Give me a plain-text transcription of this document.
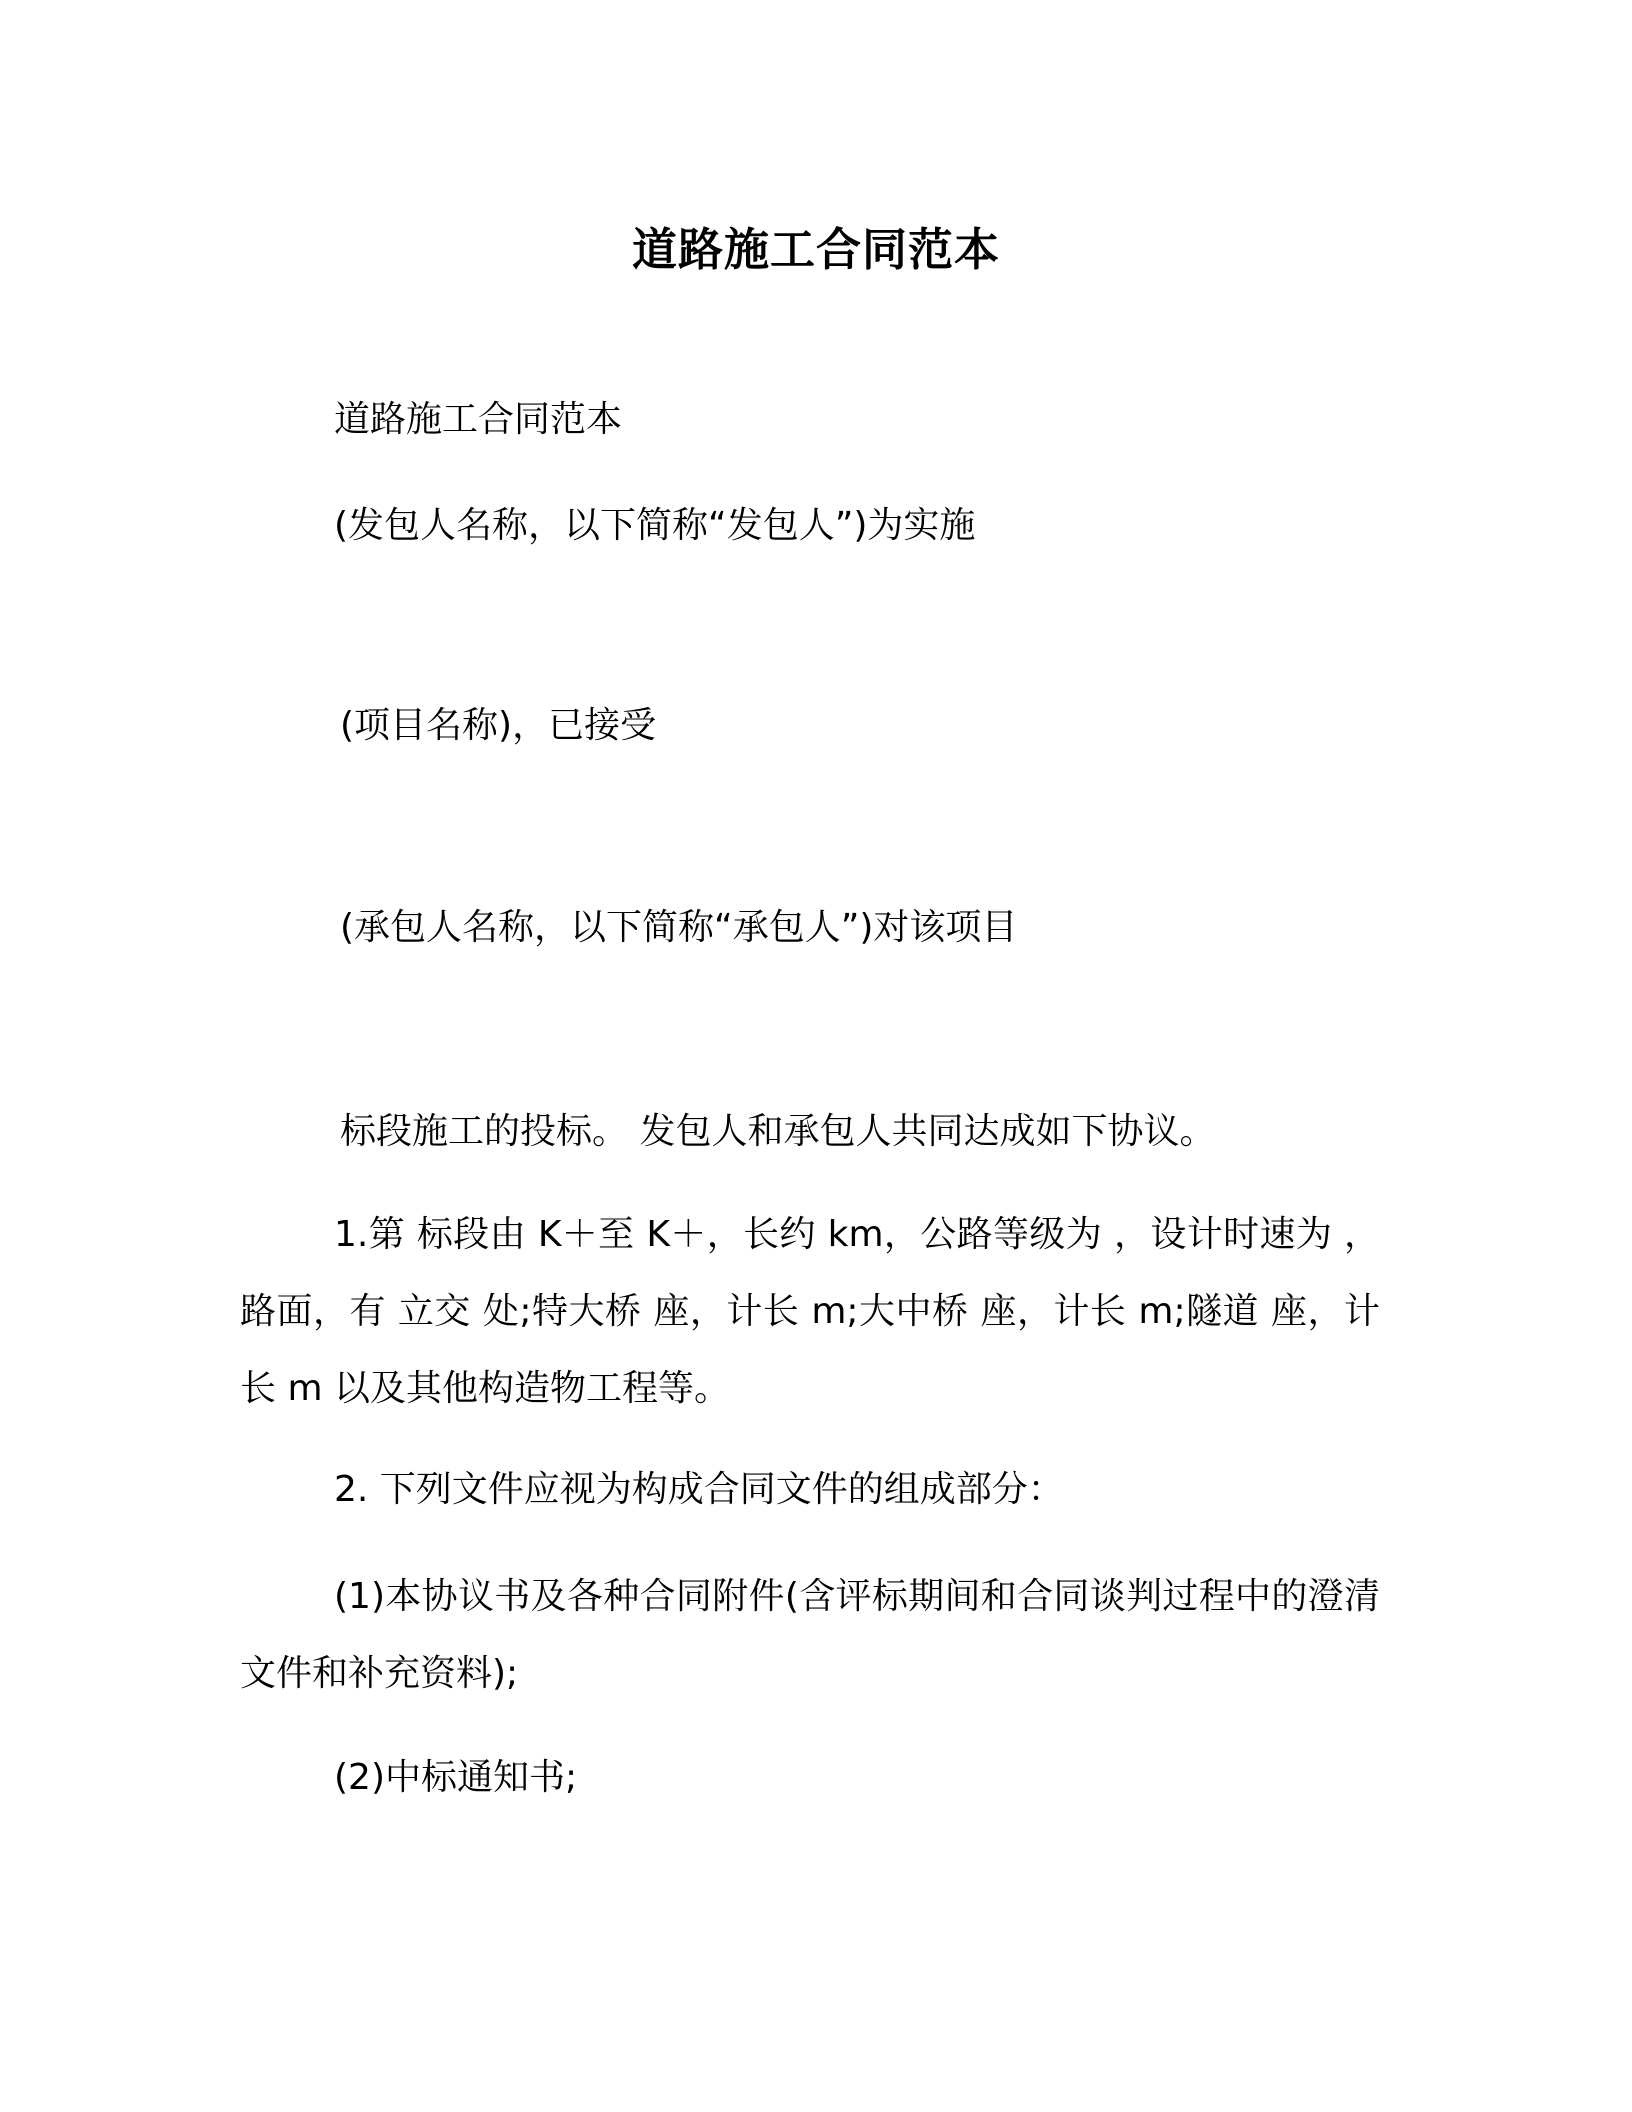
道路施工合同范本
道路施工合同范本
(发包人名称，以下简称“发包人”)为实施
(项目名称)，已接受
(承包人名称，以下简称“承包人”)对该项目
标段施工的投标。 发包人和承包人共同达成如下协议。
1.第 标段由 K＋至 K＋，长约 km，公路等级为 ，设计时速为 ，路面，有 立交 处;特大桥 座，计长 m;大中桥 座，计长 m;隧道 座，计长 m 以及其他构造物工程等。
2. 下列文件应视为构成合同文件的组成部分：
(1)本协议书及各种合同附件(含评标期间和合同谈判过程中的澄清文件和补充资料);
(2)中标通知书;
